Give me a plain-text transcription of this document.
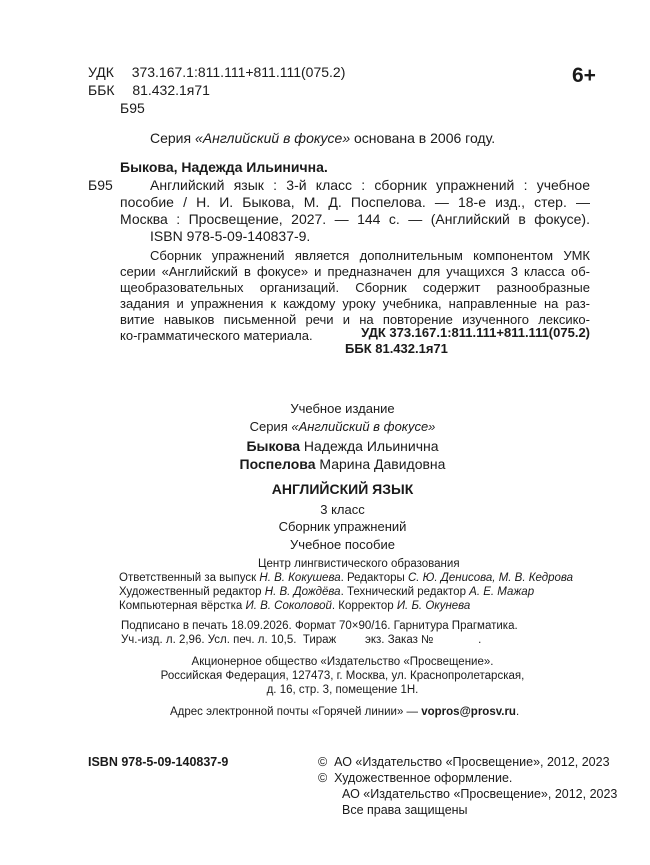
УДК 373.167.1:811.111+811.111(075.2)
ББК 81.432.1я71
Б95
6+
Серия «Английский в фокусе» основана в 2006 году.
Б95
Быкова, Надежда Ильинична.
Английский язык : 3-й класс : сборник упражнений : учебное
пособие / Н. И. Быкова, М. Д. Поспелова. — 18-е изд., стер. —
Москва : Просвещение, 2027. — 144 с. — (Английский в фокусе).
ISBN 978-5-09-140837-9.
Сборник упражнений является дополнительным компонентом УМК
серии «Английский в фокусе» и предназначен для учащихся 3 класса об-
щеобразовательных организаций. Сборник содержит разнообразные
задания и упражнения к каждому уроку учебника, направленные на раз-
витие навыков письменной речи и на повторение изученного лексико-
ко-грамматического материала.	УДК 373.167.1:811.111+811.111(075.2)
ББК 81.432.1я71
Учебное издание
Серия «Английский в фокусе»
Быкова Надежда Ильинична
Поспелова Марина Давидовна
АНГЛИЙСКИЙ ЯЗЫК
3 класс
Сборник упражнений
Учебное пособие
Центр лингвистического образования
Ответственный за выпуск Н. В. Кокушева. Редакторы С. Ю. Денисова, М. В. Кедрова
Художественный редактор Н. В. Дождёва. Технический редактор А. Е. Мажар
Компьютерная вёрстка И. В. Соколовой. Корректор И. Б. Окунева
Подписано в печать 18.09.2026. Формат 70×90/16. Гарнитура Прагматика.
Уч.-изд. л. 2,96. Усл. печ. л. 10,5.  Тираж         экз. Заказ №              .
Акционерное общество «Издательство «Просвещение».
Российская Федерация, 127473, г. Москва, ул. Краснопролетарская,
д. 16, стр. 3, помещение 1Н.
Адрес электронной почты «Горячей линии» — vopros@prosv.ru.
ISBN 978-5-09-140837-9	©  АО «Издательство «Просвещение», 2012, 2023
©  Художественное оформление.
АО «Издательство «Просвещение», 2012, 2023
Все права защищены
